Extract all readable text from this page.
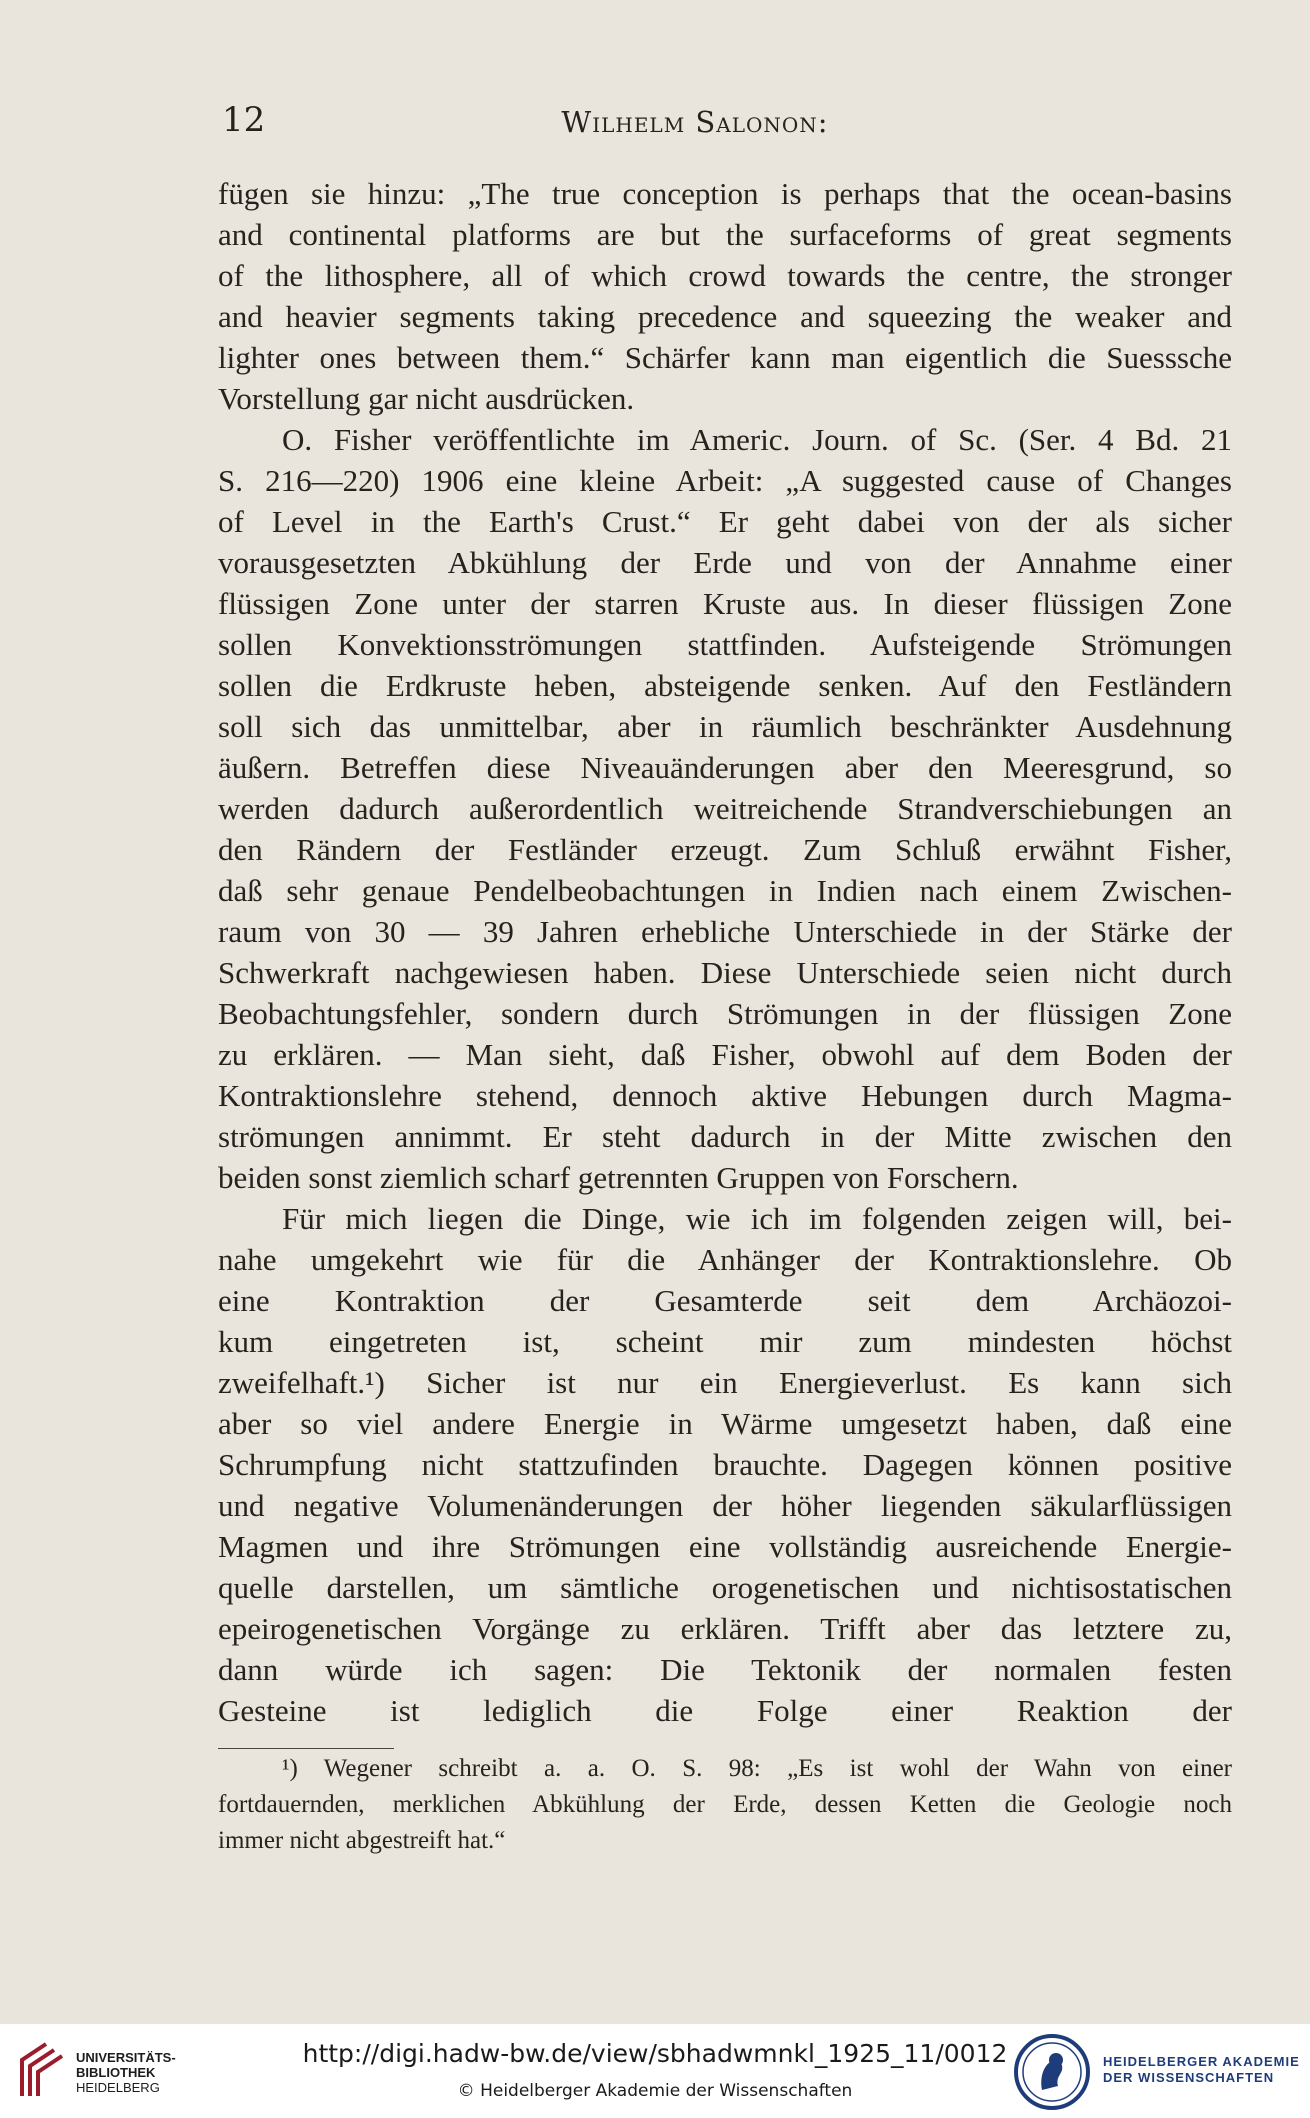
12	Wilhelm Salonon:
fügen sie hinzu: „The true conception is perhaps that the ocean-basins
and continental platforms are but the surfaceforms of great segments
of the lithosphere, all of which crowd towards the centre, the stronger
and heavier segments taking precedence and squeezing the weaker and
lighter ones between them.“ Schärfer kann man eigentlich die Suesssche
Vorstellung gar nicht ausdrücken.
O. Fisher veröffentlichte im Americ. Journ. of Sc. (Ser. 4 Bd. 21
S. 216—220) 1906 eine kleine Arbeit: „A suggested cause of Changes
of Level in the Earth's Crust.“ Er geht dabei von der als sicher
vorausgesetzten Abkühlung der Erde und von der Annahme einer
flüssigen Zone unter der starren Kruste aus. In dieser flüssigen Zone
sollen Konvektionsströmungen stattfinden. Aufsteigende Strömungen
sollen die Erdkruste heben, absteigende senken. Auf den Festländern
soll sich das unmittelbar, aber in räumlich beschränkter Ausdehnung
äußern. Betreffen diese Niveauänderungen aber den Meeresgrund, so
werden dadurch außerordentlich weitreichende Strandverschiebungen an
den Rändern der Festländer erzeugt. Zum Schluß erwähnt Fisher,
daß sehr genaue Pendelbeobachtungen in Indien nach einem Zwischen-
raum von 30 — 39 Jahren erhebliche Unterschiede in der Stärke der
Schwerkraft nachgewiesen haben. Diese Unterschiede seien nicht durch
Beobachtungsfehler, sondern durch Strömungen in der flüssigen Zone
zu erklären. — Man sieht, daß Fisher, obwohl auf dem Boden der
Kontraktionslehre stehend, dennoch aktive Hebungen durch Magma-
strömungen annimmt. Er steht dadurch in der Mitte zwischen den
beiden sonst ziemlich scharf getrennten Gruppen von Forschern.
Für mich liegen die Dinge, wie ich im folgenden zeigen will, bei-
nahe umgekehrt wie für die Anhänger der Kontraktionslehre. Ob
eine Kontraktion der Gesamterde seit dem Archäozoi-
kum eingetreten ist, scheint mir zum mindesten höchst
zweifelhaft.¹) Sicher ist nur ein Energieverlust. Es kann sich
aber so viel andere Energie in Wärme umgesetzt haben, daß eine
Schrumpfung nicht stattzufinden brauchte. Dagegen können positive
und negative Volumenänderungen der höher liegenden säkularflüssigen
Magmen und ihre Strömungen eine vollständig ausreichende Energie-
quelle darstellen, um sämtliche orogenetischen und nichtisostatischen
epeirogenetischen Vorgänge zu erklären. Trifft aber das letztere zu,
dann würde ich sagen: Die Tektonik der normalen festen
Gesteine ist lediglich die Folge einer Reaktion der
¹) Wegener schreibt a. a. O. S. 98: „Es ist wohl der Wahn von einer
fortdauernden, merklichen Abkühlung der Erde, dessen Ketten die Geologie noch
immer nicht abgestreift hat.“
UNIVERSITÄTS-
BIBLIOTHEK
HEIDELBERG
http://digi.hadw-bw.de/view/sbhadwmnkl_1925_11/0012
© Heidelberger Akademie der Wissenschaften
HEIDELBERGER AKADEMIE
DER WISSENSCHAFTEN
